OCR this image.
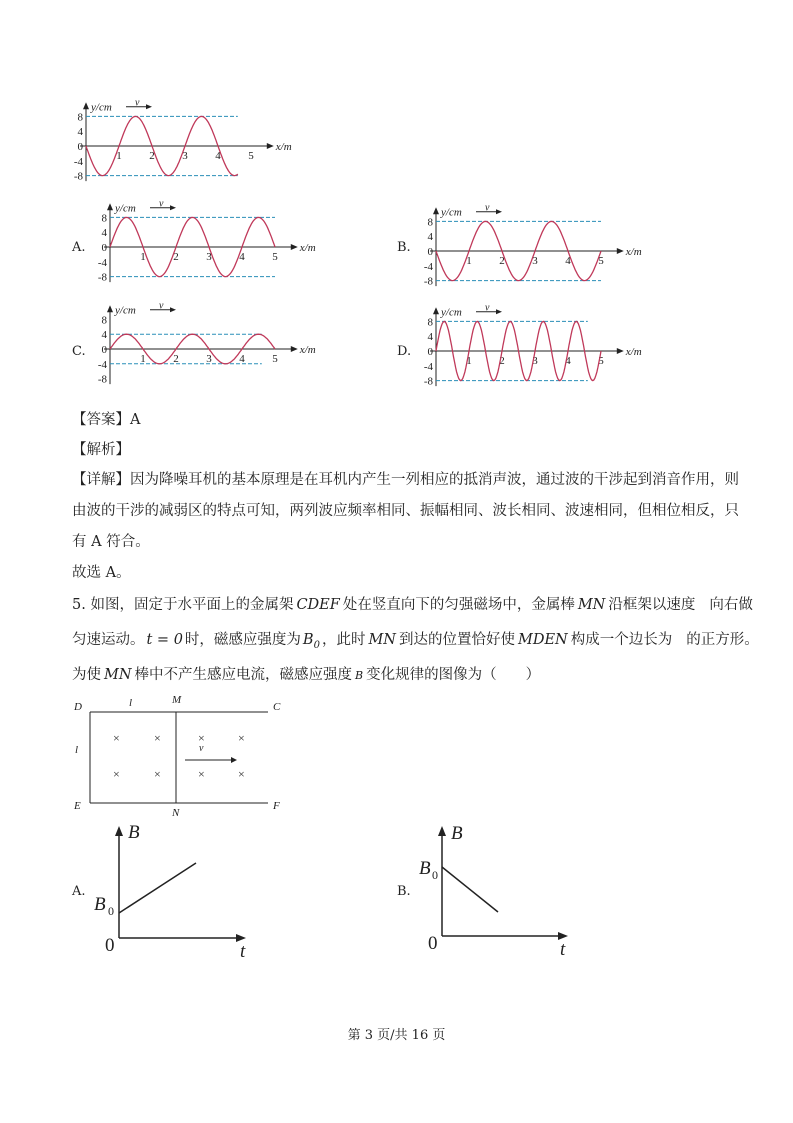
y/cm v
x/m
8
4
0
-4
-8
1	2	3	4	5
A.
y/cm v
x/m
8
4
0
-4
-8
1	2	3	4	5
B.
y/cm v
x/m
8
4
0
-4
-8
1	2	3	4	5
C.
y/cm v
x/m
8
4
0
-4
-8
1	2	3	4	5	D.
y/cm v
x/m
8
4
0
-4
-8
1	2	3	4	5
【答案】A
【解析】
【详解】因为降噪耳机的基本原理是在耳机内产生一列相应的抵消声波，通过波的干涉起到消音作用，则
由波的干涉的减弱区的特点可知，两列波应频率相同、振幅相同、波长相同、波速相同，但相位相反，只
有 A 符合。
故选 A。
5. 如图，固定于水平面上的金属架 CDEF 处在竖直向下的匀强磁场中，金属棒 MN 沿框架以速度 向右做
匀速运动。 t = 0 时，磁感应强度为 $B_0$ ，此时 MN 到达的位置恰好使 MDEN 构成一个边长为 的正方形。
为使 MN 棒中不产生感应电流，磁感应强度 B 变化规律的图像为（　　）
D
M
C
E
N
F
l
l	v
×	×	×	×
×	×	×	×
A.
B
t
0
B 0
B.
B
t
0
B 0
第 3 页/共 16 页
